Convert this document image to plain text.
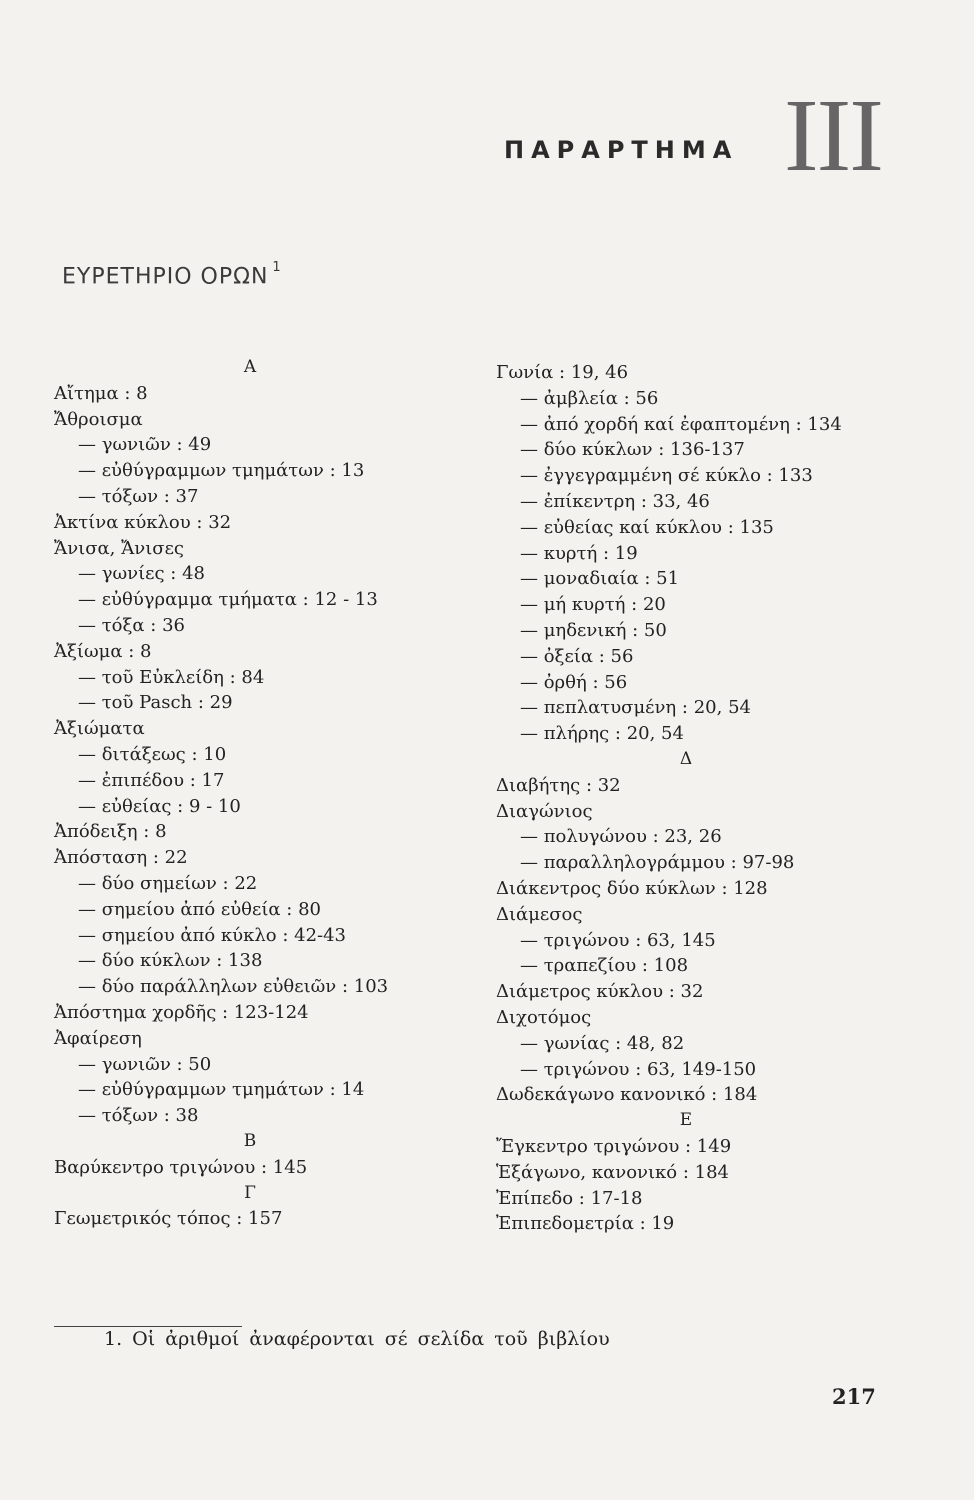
ΠΑΡΑΡΤΗΜΑ III
ΕΥΡΕΤΗΡΙΟ ΟΡΩΝ $^1$
Α
Αἴτημα : 8
Ἄθροισμα
— γωνιῶν : 49
— εὐθύγραμμων τμημάτων : 13
— τόξων : 37
Ἀκτίνα κύκλου : 32
Ἄνισα, Ἄνισες
— γωνίες : 48
— εὐθύγραμμα τμήματα : 12 - 13
— τόξα : 36
Ἀξίωμα : 8
— τοῦ Εὐκλείδη : 84
— τοῦ Pasch : 29
Ἀξιώματα
— διτάξεως : 10
— ἐπιπέδου : 17
— εὐθείας : 9 - 10
Ἀπόδειξη : 8
Ἀπόσταση : 22
— δύο σημείων : 22
— σημείου ἀπό εὐθεία : 80
— σημείου ἀπό κύκλο : 42-43
— δύο κύκλων : 138
— δύο παράλληλων εὐθειῶν : 103
Ἀπόστημα χορδῆς : 123-124
Ἀφαίρεση
— γωνιῶν : 50
— εὐθύγραμμων τμημάτων : 14
— τόξων : 38
Β
Βαρύκεντρο τριγώνου : 145
Γ
Γεωμετρικός τόπος : 157
Γωνία : 19, 46
— ἀμβλεία : 56
— ἀπό χορδή καί ἐφαπτομένη : 134
— δύο κύκλων : 136-137
— ἐγγεγραμμένη σέ κύκλο : 133
— ἐπίκεντρη : 33, 46
— εὐθείας καί κύκλου : 135
— κυρτή : 19
— μοναδιαία : 51
— μή κυρτή : 20
— μηδενική : 50
— ὀξεία : 56
— ὀρθή : 56
— πεπλατυσμένη : 20, 54
— πλήρης : 20, 54
Δ
Διαβήτης : 32
Διαγώνιος
— πολυγώνου : 23, 26
— παραλληλογράμμου : 97-98
Διάκεντρος δύο κύκλων : 128
Διάμεσος
— τριγώνου : 63, 145
— τραπεζίου : 108
Διάμετρος κύκλου : 32
Διχοτόμος
— γωνίας : 48, 82
— τριγώνου : 63, 149-150
Δωδεκάγωνο κανονικό : 184
Ε
Ἔγκεντρο τριγώνου : 149
Ἑξάγωνο, κανονικό : 184
Ἐπίπεδο : 17-18
Ἐπιπεδομετρία : 19
1. Οἱ ἀριθμοί ἀναφέρονται σέ σελίδα τοῦ βιβλίου
217
